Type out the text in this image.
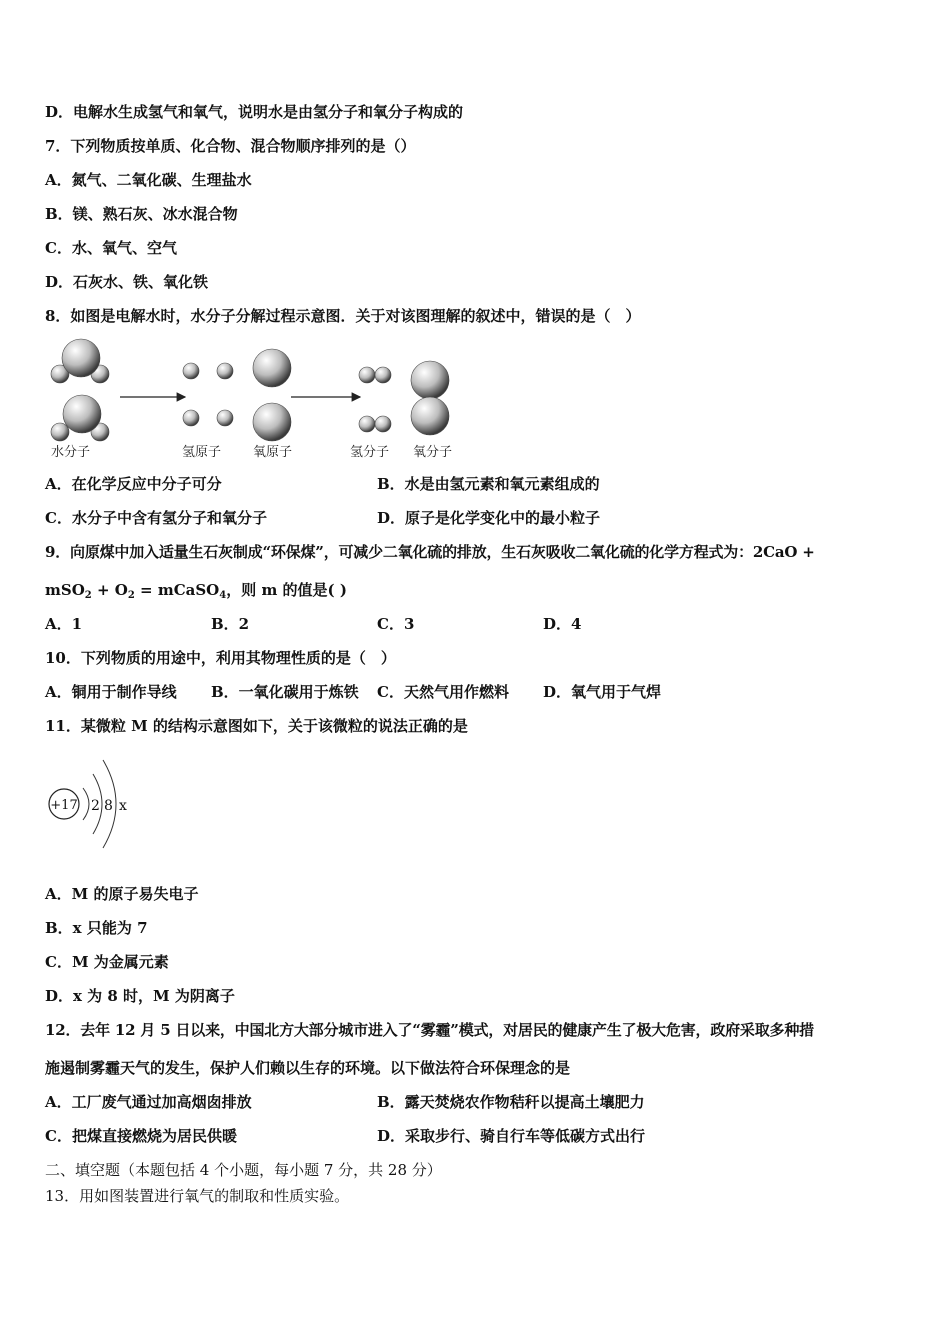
D．电解水生成氢气和氧气，说明水是由氢分子和氧分子构成的
7．下列物质按单质、化合物、混合物顺序排列的是（）
A．氮气、二氧化碳、生理盐水
B．镁、熟石灰、冰水混合物
C．水、氧气、空气
D．石灰水、铁、氧化铁
8．如图是电解水时，水分子分解过程示意图．关于对该图理解的叙述中，错误的是（　）
水分子	氢原子 氧原子	氢分子 氧分子
A．在化学反应中分子可分	B．水是由氢元素和氧元素组成的
C．水分子中含有氢分子和氧分子	D．原子是化学变化中的最小粒子
9．向原煤中加入适量生石灰制成“环保煤”，可减少二氧化硫的排放，生石灰吸收二氧化硫的化学方程式为：2CaO +
$mSO_2 + O_2$ = mCaSO$_4$，则 m 的值是( )
A．1	B．2	C．3	D．4
10．下列物质的用途中，利用其物理性质的是（　）
A．铜用于制作导线 B．一氧化碳用于炼铁 C．天然气用作燃料 D．氧气用于气焊
11．某微粒 M 的结构示意图如下，关于该微粒的说法正确的是
+17 2 8 x
A．M 的原子易失电子
B．x 只能为 7
C．M 为金属元素
D．x 为 8 时，M 为阴离子
12．去年 12 月 5 日以来，中国北方大部分城市进入了“雾霾”模式，对居民的健康产生了极大危害，政府采取多种措
施遏制雾霾天气的发生，保护人们赖以生存的环境。以下做法符合环保理念的是
A．工厂废气通过加高烟囱排放	B．露天焚烧农作物秸秆以提高土壤肥力
C．把煤直接燃烧为居民供暖	D．采取步行、骑自行车等低碳方式出行
二、填空题（本题包括 4 个小题，每小题 7 分，共 28 分）
13．用如图装置进行氧气的制取和性质实验。
